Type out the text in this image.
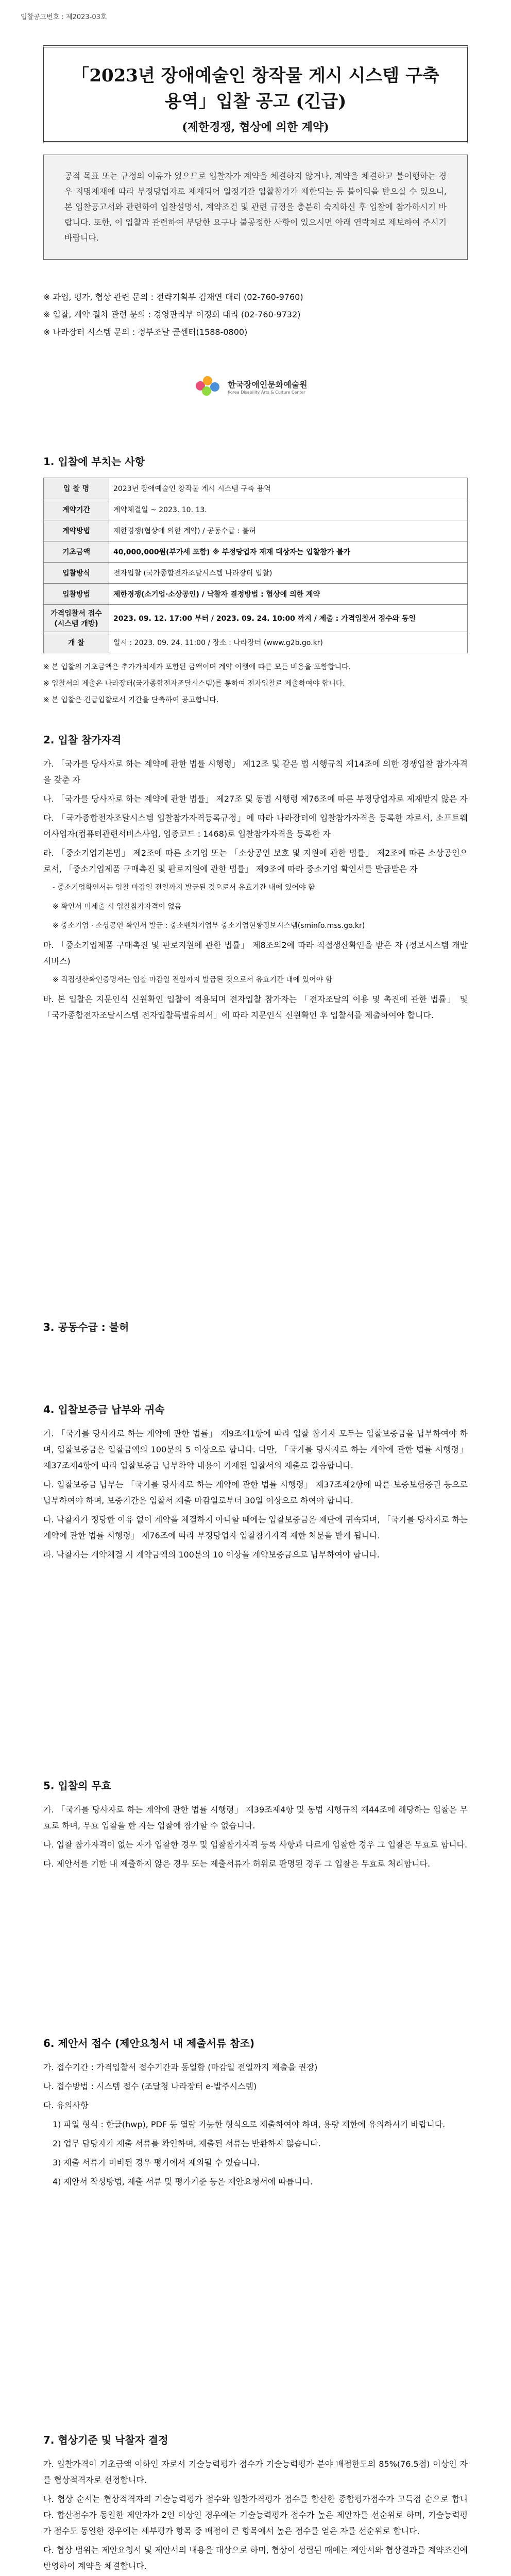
입찰공고번호 : 제2023-03호
「2023년 장애예술인 창작물 게시 시스템 구축
용역」입찰 공고 (긴급)
(제한경쟁, 협상에 의한 계약)
공적 목표 또는 규정의 이유가 있으므로 입찰자가 계약을 체결하지 않거나, 계약을 체결하고 불이행하는 경우 지명제재에 따라 부정당업자로 제재되어 일정기간 입찰참가가 제한되는 등 불이익을 받으실 수 있으니, 본 입찰공고서와 관련하여 입찰설명서, 계약조건 및 관련 규정을 충분히 숙지하신 후 입찰에 참가하시기 바랍니다. 또한, 이 입찰과 관련하여 부당한 요구나 불공정한 사항이 있으시면 아래 연락처로 제보하여 주시기 바랍니다.
※ 과업, 평가, 협상 관련 문의 : 전략기획부 김재연 대리 (02-760-9760)
※ 입찰, 계약 절차 관련 문의 : 경영관리부 이정희 대리 (02-760-9732)
※ 나라장터 시스템 문의 : 정부조달 콜센터(1588-0800)
한국장애인문화예술원
Korea Disability Arts & Culture Center
1. 입찰에 부치는 사항
입 찰 명	2023년 장애예술인 창작물 게시 시스템 구축 용역
계약기간	계약체결일 ~ 2023. 10. 13.
계약방법	제한경쟁(협상에 의한 계약) / 공동수급 : 불허
기초금액	40,000,000원(부가세 포함) ※ 부정당업자 제재 대상자는 입찰참가 불가
입찰방식	전자입찰 (국가종합전자조달시스템 나라장터 입찰)
입찰방법	제한경쟁(소기업·소상공인) / 낙찰자 결정방법 : 협상에 의한 계약
가격입찰서 접수 (시스템 개방)	2023. 09. 12. 17:00 부터 / 2023. 09. 24. 10:00 까지 / 제출 : 가격입찰서 접수와 동일
개 찰	일시 : 2023. 09. 24. 11:00 / 장소 : 나라장터 (www.g2b.go.kr)

※ 본 입찰의 기초금액은 추가가치세가 포함된 금액이며 계약 이행에 따른 모든 비용을 포함합니다.

※ 입찰서의 제출은 나라장터(국가종합전자조달시스템)를 통하여 전자입찰로 제출하여야 합니다.

※ 본 입찰은 긴급입찰로서 기간을 단축하여 공고합니다.

2. 입찰 참가자격

가. 「국가를 당사자로 하는 계약에 관한 법률 시행령」 제12조 및 같은 법 시행규칙 제14조에 의한 경쟁입찰 참가자격을 갖춘 자

나. 「국가를 당사자로 하는 계약에 관한 법률」 제27조 및 동법 시행령 제76조에 따른 부정당업자로 제재받지 않은 자

다. 「국가종합전자조달시스템 입찰참가자격등록규정」에 따라 나라장터에 입찰참가자격을 등록한 자로서, 소프트웨어사업자(컴퓨터관련서비스사업, 업종코드 : 1468)로 입찰참가자격을 등록한 자

라. 「중소기업기본법」 제2조에 따른 소기업 또는 「소상공인 보호 및 지원에 관한 법률」 제2조에 따른 소상공인으로서, 「중소기업제품 구매촉진 및 판로지원에 관한 법률」 제9조에 따라 중소기업 확인서를 발급받은 자

- 중소기업확인서는 입찰 마감일 전일까지 발급된 것으로서 유효기간 내에 있어야 함

※ 확인서 미제출 시 입찰참가자격이 없음

※ 중소기업 · 소상공인 확인서 발급 : 중소벤처기업부 중소기업현황정보시스템(sminfo.mss.go.kr)

마. 「중소기업제품 구매촉진 및 판로지원에 관한 법률」 제8조의2에 따라 직접생산확인을 받은 자 (정보시스템 개발서비스)

※ 직접생산확인증명서는 입찰 마감일 전일까지 발급된 것으로서 유효기간 내에 있어야 함

바. 본 입찰은 지문인식 신원확인 입찰이 적용되며 전자입찰 참가자는 「전자조달의 이용 및 촉진에 관한 법률」 및 「국가종합전자조달시스템 전자입찰특별유의서」에 따라 지문인식 신원확인 후 입찰서를 제출하여야 합니다.

3. 공동수급 : 불허
4. 입찰보증금 납부와 귀속

가. 「국가를 당사자로 하는 계약에 관한 법률」 제9조제1항에 따라 입찰 참가자 모두는 입찰보증금을 납부하여야 하며, 입찰보증금은 입찰금액의 100분의 5 이상으로 합니다. 다만, 「국가를 당사자로 하는 계약에 관한 법률 시행령」 제37조제4항에 따라 입찰보증금 납부확약 내용이 기재된 입찰서의 제출로 갈음합니다.

나. 입찰보증금 납부는 「국가를 당사자로 하는 계약에 관한 법률 시행령」 제37조제2항에 따른 보증보험증권 등으로 납부하여야 하며, 보증기간은 입찰서 제출 마감일로부터 30일 이상으로 하여야 합니다.

다. 낙찰자가 정당한 이유 없이 계약을 체결하지 아니할 때에는 입찰보증금은 재단에 귀속되며, 「국가를 당사자로 하는 계약에 관한 법률 시행령」 제76조에 따라 부정당업자 입찰참가자격 제한 처분을 받게 됩니다.

라. 낙찰자는 계약체결 시 계약금액의 100분의 10 이상을 계약보증금으로 납부하여야 합니다.

5. 입찰의 무효

가. 「국가를 당사자로 하는 계약에 관한 법률 시행령」 제39조제4항 및 동법 시행규칙 제44조에 해당하는 입찰은 무효로 하며, 무효 입찰을 한 자는 입찰에 참가할 수 없습니다.

나. 입찰 참가자격이 없는 자가 입찰한 경우 및 입찰참가자격 등록 사항과 다르게 입찰한 경우 그 입찰은 무효로 합니다.

다. 제안서를 기한 내 제출하지 않은 경우 또는 제출서류가 허위로 판명된 경우 그 입찰은 무효로 처리합니다.

6. 제안서 접수 (제안요청서 내 제출서류 참조)

가. 접수기간 : 가격입찰서 접수기간과 동일함 (마감일 전일까지 제출을 권장)

나. 접수방법 : 시스템 접수 (조달청 나라장터 e-발주시스템)

다. 유의사항

1) 파일 형식 : 한글(hwp), PDF 등 열람 가능한 형식으로 제출하여야 하며, 용량 제한에 유의하시기 바랍니다.

2) 업무 담당자가 제출 서류를 확인하며, 제출된 서류는 반환하지 않습니다.

3) 제출 서류가 미비된 경우 평가에서 제외될 수 있습니다.

4) 제안서 작성방법, 제출 서류 및 평가기준 등은 제안요청서에 따릅니다.

7. 협상기준 및 낙찰자 결정

가. 입찰가격이 기초금액 이하인 자로서 기술능력평가 점수가 기술능력평가 분야 배점한도의 85%(76.5점) 이상인 자를 협상적격자로 선정합니다.

나. 협상 순서는 협상적격자의 기술능력평가 점수와 입찰가격평가 점수를 합산한 종합평가점수가 고득점 순으로 합니다. 합산점수가 동일한 제안자가 2인 이상인 경우에는 기술능력평가 점수가 높은 제안자를 선순위로 하며, 기술능력평가 점수도 동일한 경우에는 세부평가 항목 중 배점이 큰 항목에서 높은 점수를 얻은 자를 선순위로 합니다.

다. 협상 범위는 제안요청서 및 제안서의 내용을 대상으로 하며, 협상이 성립된 때에는 제안서와 협상결과를 계약조건에 반영하여 계약을 체결합니다.
